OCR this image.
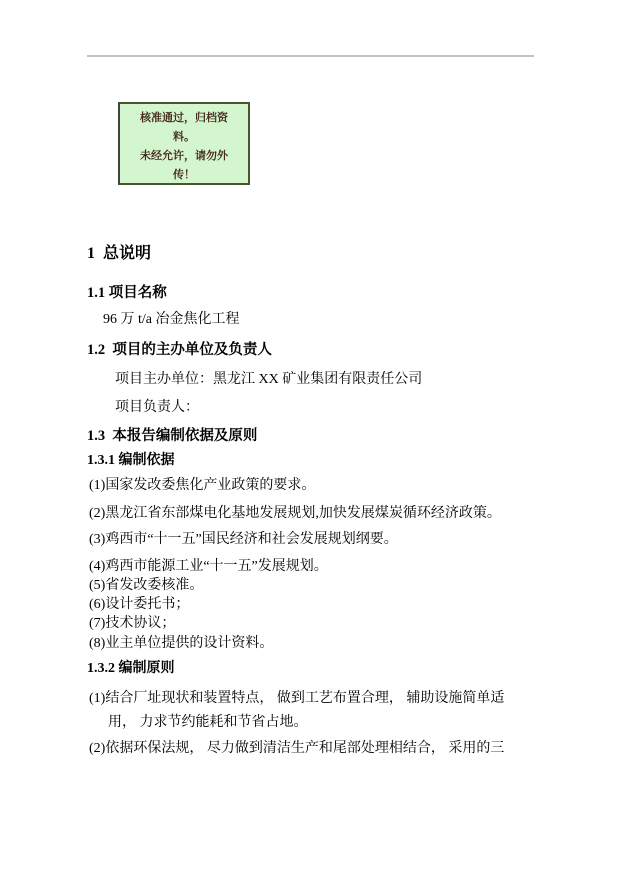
核准通过，归档资
料。
未经允许，请勿外
传！
1  总说明
1.1 项目名称
96 万 t/a 冶金焦化工程
1.2  项目的主办单位及负责人
项目主办单位：黑龙江 XX 矿业集团有限责任公司
项目负责人：
1.3  本报告编制依据及原则
1.3.1 编制依据
(1)国家发改委焦化产业政策的要求。
(2)黑龙江省东部煤电化基地发展规划,加快发展煤炭循环经济政策。
(3)鸡西市“十一五”国民经济和社会发展规划纲要。
(4)鸡西市能源工业“十一五”发展规划。
(5)省发改委核准。
(6)设计委托书；
(7)技术协议；
(8)业主单位提供的设计资料。
1.3.2 编制原则
(1)结合厂址现状和装置特点， 做到工艺布置合理， 辅助设施简单适
用， 力求节约能耗和节省占地。
(2)依据环保法规， 尽力做到清洁生产和尾部处理相结合， 采用的三
